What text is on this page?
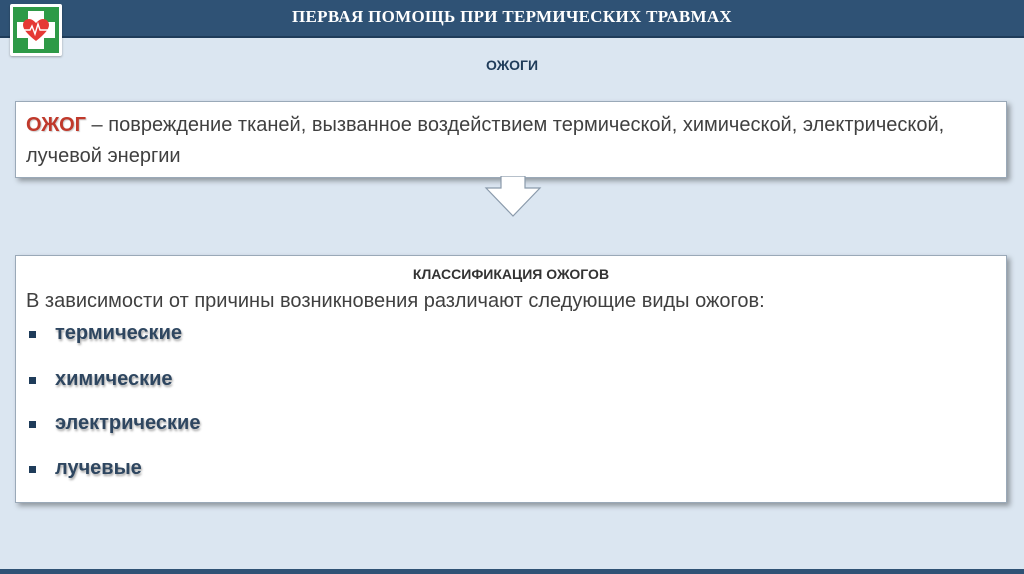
ПЕРВАЯ ПОМОЩЬ ПРИ ТЕРМИЧЕСКИХ ТРАВМАХ
ОЖОГИ
ОЖОГ – повреждение тканей, вызванное воздействием термической, химической, электрической, лучевой энергии
КЛАССИФИКАЦИЯ ОЖОГОВ
В зависимости от причины возникновения различают следующие виды ожогов:
термические
химические
электрические
лучевые
